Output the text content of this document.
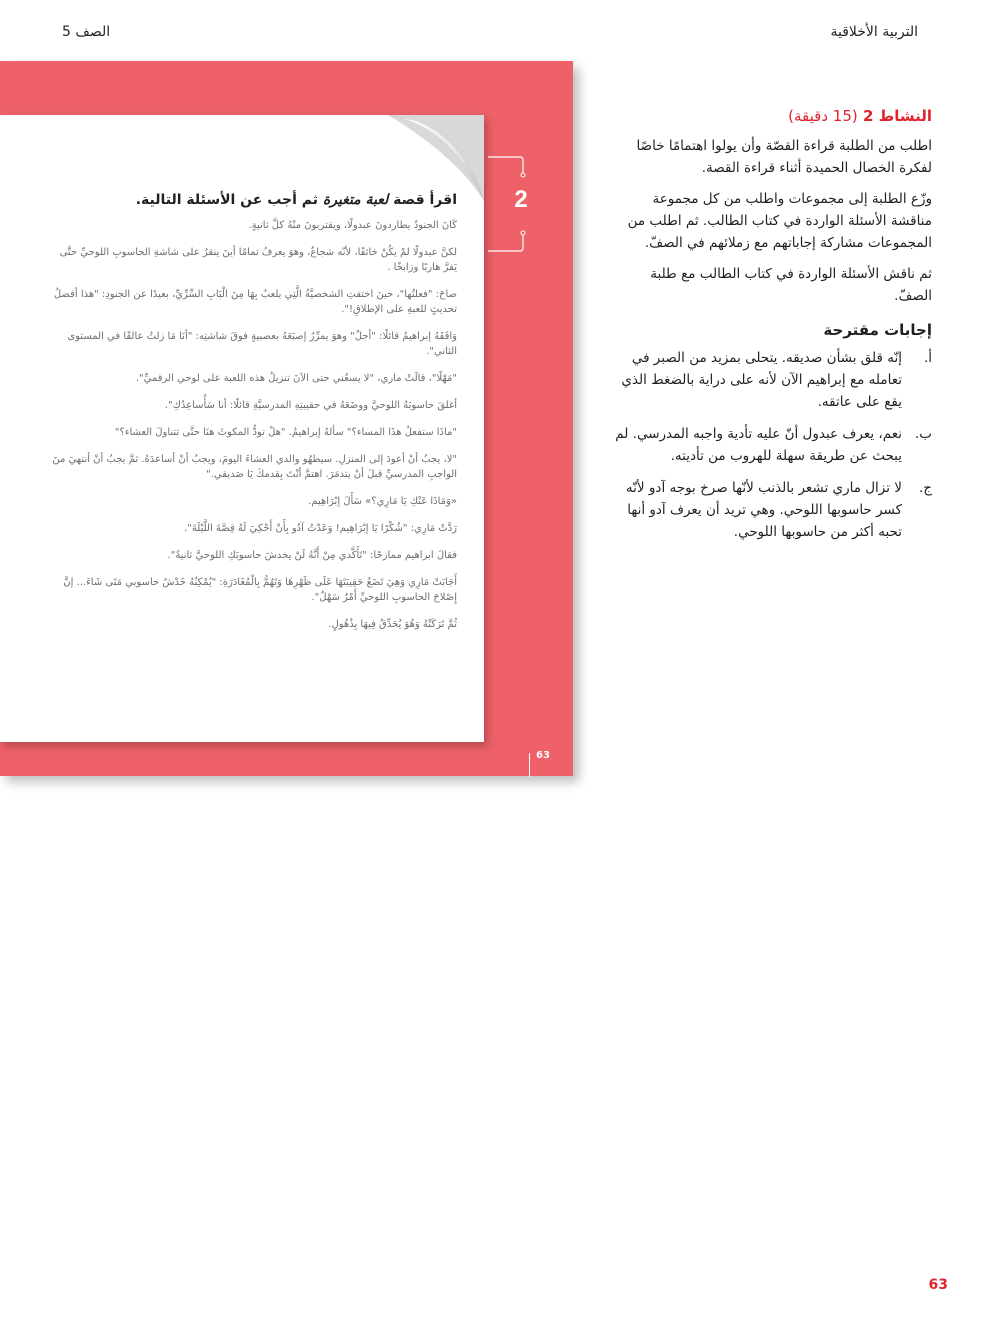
التربية الأخلاقية
الصف 5
2
63
اقرأ قصة لعبة متغيرة ثم أجب عن الأسئلة التالية.

كَانَ الجنودُ يطاردونَ عبدولًا، ويقتربونَ منْهُ كلَّ ثانيةٍ.

لكنَّ عبدولًا لمْ يكُنْ خائفًا، لأنّه شجاعٌ، وهوَ يعرفُ تمامًا أينَ ينقرُ على شاشةِ الحاسوبِ اللوحيِّ حتَّى يَفرَّ هاربًا وزابخًا .

صاحَ: "فعلتُها"، حينَ اختفتِ الشخصيَّةُ الَّتِي يلعبُ بِهَا مِنَ الْبَابِ السِّرِّيِّ، بعيدًا عن الجنودِ: "هذا أفضلُ تحديثٍ للعبةِ على الإطلاقِ!".

وَافَقَهُ إبراهيمُ قائلًا: "أجلْ" وهوَ يمرِّرُ إصبَعَهُ بعصبيةٍ فوقَ شاشتِه: "أنَا مَا زلتُ عالقًا في المستوى الثاني".

"مَهْلًا"، قالَتْ ماري، "لا يسعُني حتى الآنَ تنزيلُ هذه اللعبة على لوحي الرقميِّ".

أغلقَ حاسوبَهُ اللوحيَّ ووضَعَهُ في حقيبتِهِ المدرسيَّةِ قائلًا: أنا سَأُساعِدُكِ".

"ماذَا ستفعلُ هذَا المساء؟" سألهُ إبراهيمُ. "هلْ تودُّ المكوثَ هنَا حتَّى تتناولَ العشاء؟"

"لا، يجبُ أنْ أعودَ إلى المنزلِ. سيطهُو والدي العشاءَ اليومَ، ويجبُ أنْ أساعدَهُ. ثمَّ يجبُ أنْ أنتهيَ منَ الواجبِ المدرسيِّ قبلَ أنْ يتدمَرَ. اهتمَّ أنْتَ بِقدمكَ يَا صَديقي."

«وَمَاذَا عَنْكِ يَا مَارِي؟» سَأَلَ إبْرَاهِيم.

رَدَّتْ مَارِي: "شُكْرًا يَا إبْرَاهِيم! وَعَدْتُ آدُو بِأَنْ أَحْكِيَ لَهُ قِصَّةَ اللَّيْلَةَ".

فقالَ ابراهيم ممازحًا: "تَأَكَّدي مِنْ أَنَّهُ لَنْ يخدشَ حاسوبَكِ اللوحيَّ ثانيةً".

أَجَابَتْ مَارِي وَهِيَ تَضَعُ حَقِيبَتَهَا عَلَى ظَهْرِهَا وَتَهُمُّ بِالْمُغَادَرَةِ: "يُمْكِنُهُ خَدْشُ حاسوبي مَتَى شَاءَ... إنَّ إِصْلاحَ الحاسوبِ اللوحيِّ أَمْرٌ سَهْلٌ".

ثُمَّ تَرَكَتْهُ وَهُوَ يُحَدِّقُ فِيهَا بِذُهُولٍ.

النشاط 2 (15 دقيقة)

اطلب من الطلبة قراءة القصّة وأن يولوا اهتمامًا خاصًا لفكرة الخصال الحميدة أثناء قراءة القصة.

وزّع الطلبة إلى مجموعات واطلب من كل مجموعة مناقشة الأسئلة الواردة في كتاب الطالب. ثم اطلب من المجموعات مشاركة إجاباتهم مع زملائهم في الصفّ.

ثم ناقش الأسئلة الواردة في كتاب الطالب مع طلبة الصفّ.

إجابات مقترحة
أ.
إنّه قلق بشأن صديقه. يتحلى بمزيد من الصبر في تعامله مع إبراهيم الآن لأنه على دراية بالضغط الذي يقع على عاتقه.
ب.
نعم، يعرف عبدول أنّ عليه تأدية واجبه المدرسي. لم يبحث عن طريقة سهلة للهروب من تأديته.
ج.
لا تزال ماري تشعر بالذنب لأنّها صرخ بوجه آدو لأنّه كسر حاسوبها اللوحي. وهي تريد أن يعرف آدو أنها تحبه أكثر من حاسوبها اللوحي.
63
